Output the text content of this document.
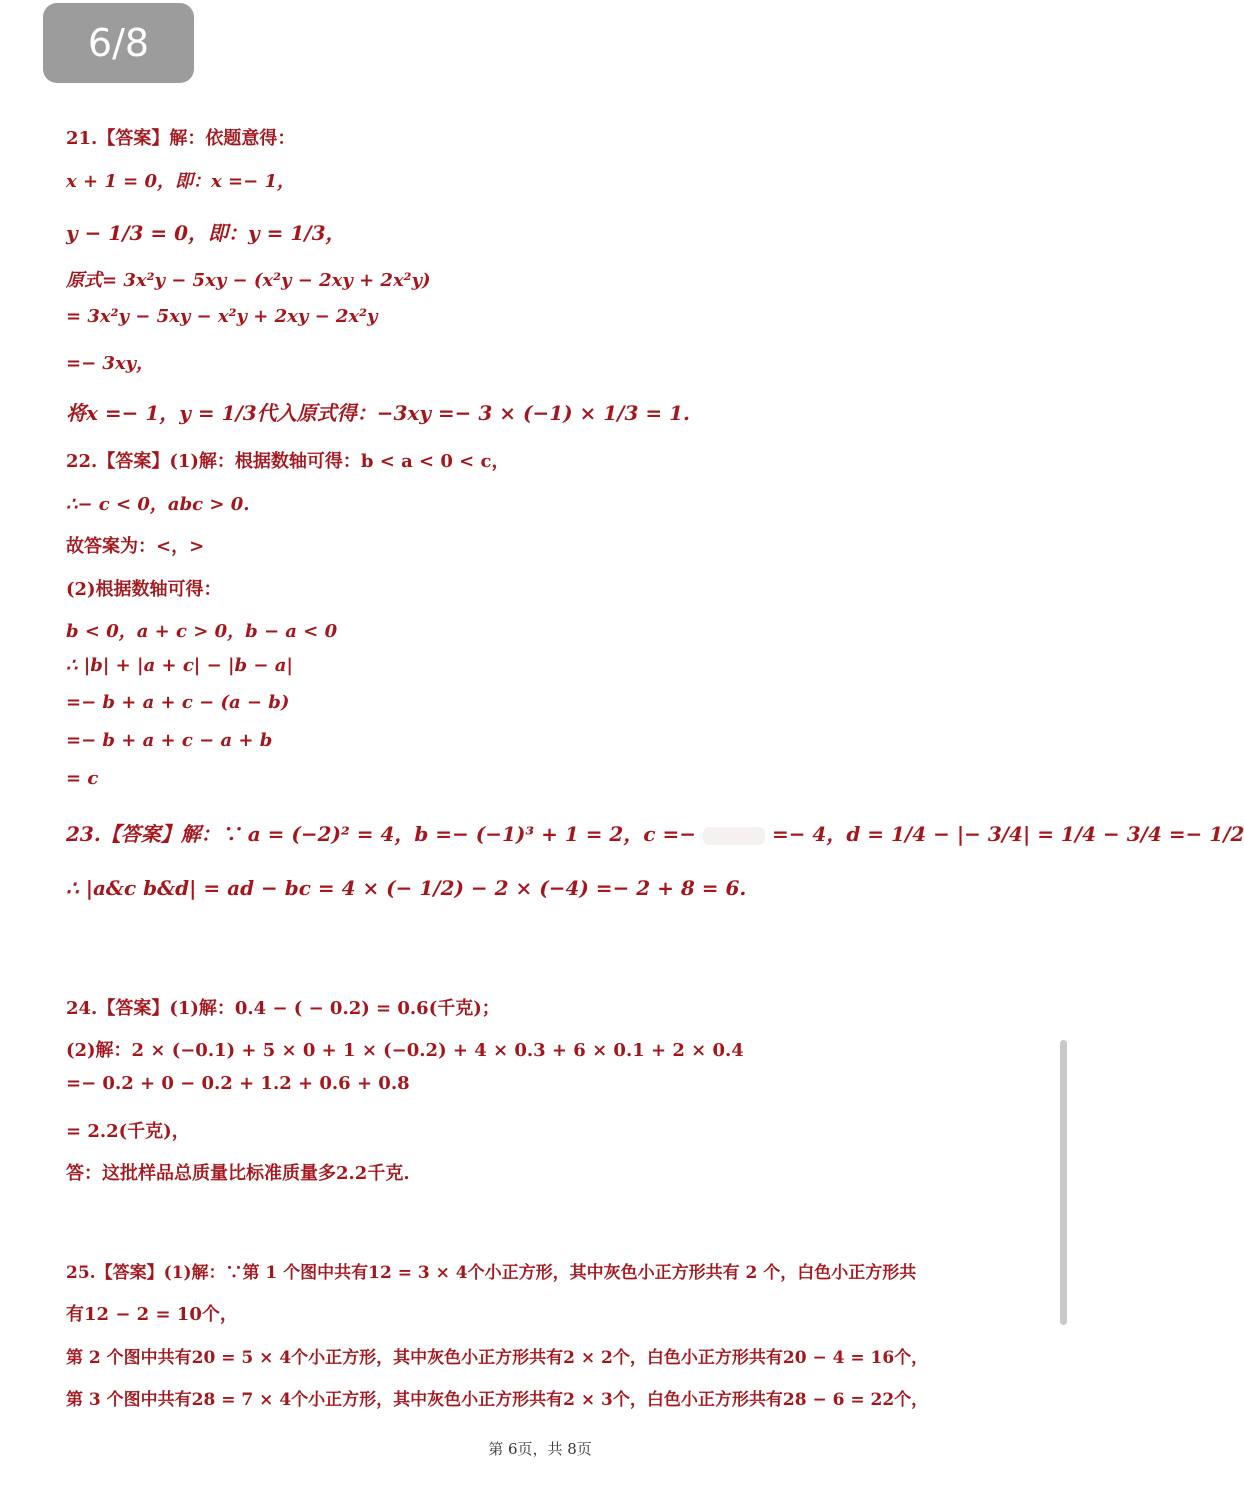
6/8
21.【答案】解：依题意得：
x + 1 = 0，即：x =− 1，
y − 1/3 = 0，即：y = 1/3，
原式= 3x²y − 5xy − (x²y − 2xy + 2x²y)
= 3x²y − 5xy − x²y + 2xy − 2x²y
=− 3xy，
将x =− 1，y = 1/3代入原式得：−3xy =− 3 × (−1) × 1/3 = 1.
22.【答案】(1)解：根据数轴可得：b < a < 0 < c，
∴− c < 0，abc > 0.
故答案为：<，>
(2)根据数轴可得：
b < 0，a + c > 0，b − a < 0
∴ |b| + |a + c| − |b − a|
=− b + a + c − (a − b)
=− b + a + c − a + b
= c
23.【答案】解：∵ a = (−2)² = 4，b =− (−1)³ + 1 = 2，c =−	=− 4，d = 1/4 − |− 3/4| = 1/4 − 3/4 =− 1/2
∴ |a&c b&d| = ad − bc = 4 × (− 1/2) − 2 × (−4) =− 2 + 8 = 6.
24.【答案】(1)解：0.4 − ( − 0.2) = 0.6(千克)；
(2)解：2 × (−0.1) + 5 × 0 + 1 × (−0.2) + 4 × 0.3 + 6 × 0.1 + 2 × 0.4
=− 0.2 + 0 − 0.2 + 1.2 + 0.6 + 0.8
= 2.2(千克)，
答：这批样品总质量比标准质量多2.2千克.
25.【答案】(1)解：∵第 1 个图中共有12 = 3 × 4个小正方形，其中灰色小正方形共有 2 个，白色小正方形共
有12 − 2 = 10个，
第 2 个图中共有20 = 5 × 4个小正方形，其中灰色小正方形共有2 × 2个，白色小正方形共有20 − 4 = 16个，
第 3 个图中共有28 = 7 × 4个小正方形，其中灰色小正方形共有2 × 3个，白色小正方形共有28 − 6 = 22个，
第 6页，共 8页
